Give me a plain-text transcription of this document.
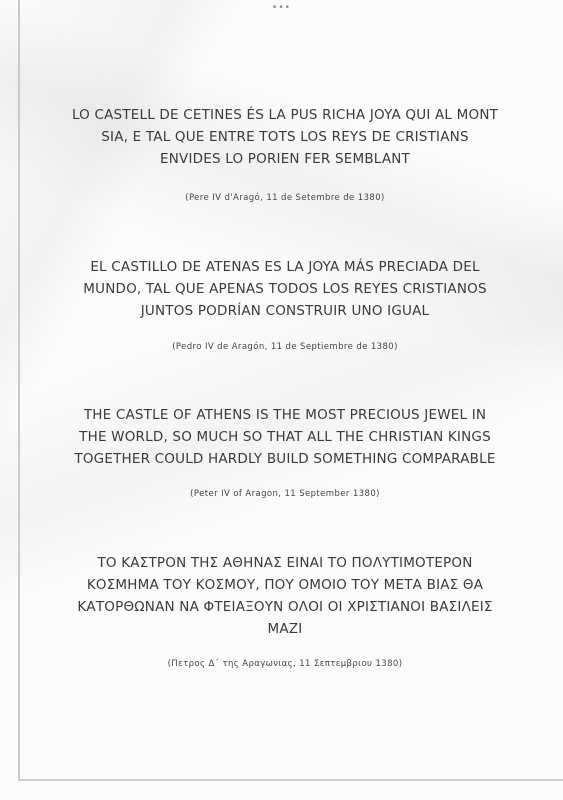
•••
LO CASTELL DE CETINES ÉS LA PUS RICHA JOYA QUI AL MONT
SIA, E TAL QUE ENTRE TOTS LOS REYS DE CRISTIANS
ENVIDES LO PORIEN FER SEMBLANT
(Pere IV d'Aragó, 11 de Setembre de 1380)
EL CASTILLO DE ATENAS ES LA JOYA MÁS PRECIADA DEL
MUNDO, TAL QUE APENAS TODOS LOS REYES CRISTIANOS
JUNTOS PODRÍAN CONSTRUIR UNO IGUAL
(Pedro IV de Aragón, 11 de Septiembre de 1380)
THE CASTLE OF ATHENS IS THE MOST PRECIOUS JEWEL IN
THE WORLD, SO MUCH SO THAT ALL THE CHRISTIAN KINGS
TOGETHER COULD HARDLY BUILD SOMETHING COMPARABLE
(Peter IV of Aragon, 11 September 1380)
ΤΟ ΚΑΣΤΡΟΝ ΤΗΣ ΑΘΗΝΑΣ ΕΙΝΑΙ ΤΟ ΠΟΛΥΤΙΜΟΤΕΡΟΝ
ΚΟΣΜΗΜΑ ΤΟΥ ΚΟΣΜΟΥ, ΠΟΥ ΟΜΟΙΟ ΤΟΥ ΜΕΤΑ ΒΙΑΣ ΘΑ
ΚΑΤΟΡΘΩΝΑΝ ΝΑ ΦΤΕΙΑΞΟΥΝ ΟΛΟΙ ΟΙ ΧΡΙΣΤΙΑΝΟΙ ΒΑΣΙΛΕΙΣ
ΜΑΖΙ
(Πετρος Δ΄ της Αραγωνιας, 11 Σεπτεμβριου 1380)
